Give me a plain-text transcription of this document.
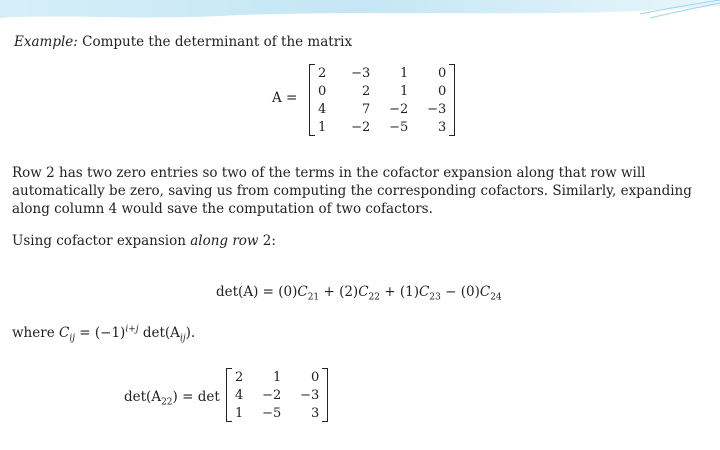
Example: Compute the determinant of the matrix
A =
2	−3	1	0
0	2	1	0
4	7	−2	−3
1	−2	−5	3
Row 2 has two zero entries so two of the terms in the cofactor expansion along that row will automatically be zero, saving us from computing the corresponding cofactors. Similarly, expanding along column 4 would save the computation of two cofactors.
Using cofactor expansion along row 2:
$\det(A) = (0)C_{21} + (2)C_{22} + (1)C_{23} - (0)C_{24}$
where $C_{ij} = (-1)^{i+j}$ $\det(A_{ij})$.
$\det(A_{22}) = \det$
2	1	0
4	−2	−3
1	−5	3
